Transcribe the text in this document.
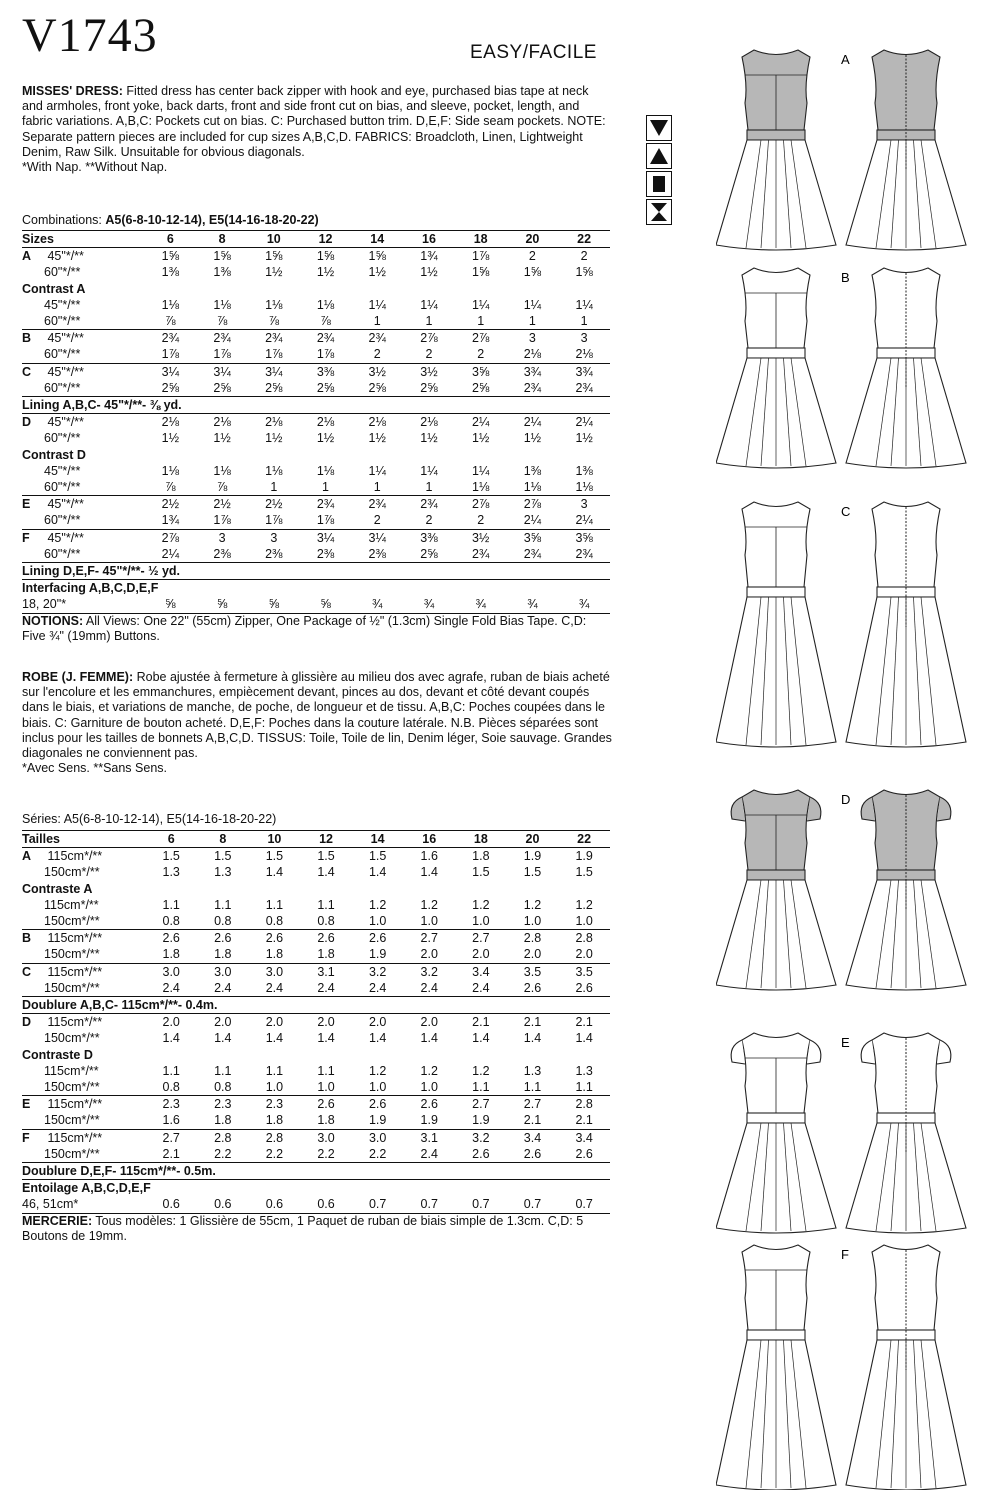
V1743	EASY/FACILE

MISSES' DRESS: Fitted dress has center back zipper with hook and eye, purchased bias tape at neck and armholes, front yoke, back darts, front and side front cut on bias, and sleeve, pocket, length, and fabric variations. A,B,C: Pockets cut on bias. C: Purchased button trim. D,E,F: Side seam pockets. NOTE: Separate pattern pieces are included for cup sizes A,B,C,D. FABRICS: Broadcloth, Linen, Lightweight Denim, Raw Silk. Unsuitable for obvious diagonals.
*With Nap. **Without Nap.

Combinations: A5(6-8-10-12-14), E5(14-16-18-20-22)
Sizes	6	8	10	12	14	16	18	20	22
A 45"*/**	1⅝	1⅝	1⅝	1⅝	1⅝	1¾	1⅞	2	2
60"*/**	1⅜	1⅜	1½	1½	1½	1½	1⅝	1⅝	1⅝
Contrast A									
45"*/**	1⅛	1⅛	1⅛	1⅛	1¼	1¼	1¼	1¼	1¼
60"*/**	⅞	⅞	⅞	⅞	1	1	1	1	1
B 45"*/**	2¾	2¾	2¾	2¾	2¾	2⅞	2⅞	3	3
60"*/**	1⅞	1⅞	1⅞	1⅞	2	2	2	2⅛	2⅛
C 45"*/**	3¼	3¼	3¼	3⅜	3½	3½	3⅝	3¾	3¾
60"*/**	2⅝	2⅝	2⅝	2⅝	2⅝	2⅝	2⅝	2¾	2¾
Lining A,B,C- 45"*/**- ⅜ yd.									
D 45"*/**	2⅛	2⅛	2⅛	2⅛	2⅛	2⅛	2¼	2¼	2¼
60"*/**	1½	1½	1½	1½	1½	1½	1½	1½	1½
Contrast D									
45"*/**	1⅛	1⅛	1⅛	1⅛	1¼	1¼	1¼	1⅜	1⅜
60"*/**	⅞	⅞	1	1	1	1	1⅛	1⅛	1⅛
E 45"*/**	2½	2½	2½	2¾	2¾	2¾	2⅞	2⅞	3
60"*/**	1¾	1⅞	1⅞	1⅞	2	2	2	2¼	2¼
F 45"*/**	2⅞	3	3	3¼	3¼	3⅜	3½	3⅝	3⅝
60"*/**	2¼	2⅜	2⅜	2⅜	2⅜	2⅝	2¾	2¾	2¾
Lining D,E,F- 45"*/**- ½ yd.									
Interfacing A,B,C,D,E,F									
18, 20"*	⅝	⅝	⅝	⅝	¾	¾	¾	¾	¾
NOTIONS: All Views: One 22" (55cm) Zipper, One Package of ½" (1.3cm) Single Fold Bias Tape. C,D: Five ¾" (19mm) Buttons.									

ROBE (J. FEMME): Robe ajustée à fermeture à glissière au milieu dos avec agrafe, ruban de biais acheté sur l'encolure et les emmanchures, empiècement devant, pinces au dos, devant et côté devant coupés dans le biais, et variations de manche, de poche, de longueur et de tissu. A,B,C: Poches coupées dans le biais. C: Garniture de bouton acheté. D,E,F: Poches dans la couture latérale. N.B. Pièces séparées sont inclus pour les tailles de bonnets A,B,C,D. TISSUS: Toile, Toile de lin, Denim léger, Soie sauvage. Grandes diagonales ne conviennent pas.
*Avec Sens. **Sans Sens.

Séries: A5(6-8-10-12-14), E5(14-16-18-20-22)
Tailles	6	8	10	12	14	16	18	20	22
A 115cm*/**	1.5	1.5	1.5	1.5	1.5	1.6	1.8	1.9	1.9
150cm*/**	1.3	1.3	1.4	1.4	1.4	1.4	1.5	1.5	1.5
Contraste A									
115cm*/**	1.1	1.1	1.1	1.1	1.2	1.2	1.2	1.2	1.2
150cm*/**	0.8	0.8	0.8	0.8	1.0	1.0	1.0	1.0	1.0
B 115cm*/**	2.6	2.6	2.6	2.6	2.6	2.7	2.7	2.8	2.8
150cm*/**	1.8	1.8	1.8	1.8	1.9	2.0	2.0	2.0	2.0
C 115cm*/**	3.0	3.0	3.0	3.1	3.2	3.2	3.4	3.5	3.5
150cm*/**	2.4	2.4	2.4	2.4	2.4	2.4	2.4	2.6	2.6
Doublure A,B,C- 115cm*/**- 0.4m.									
D 115cm*/**	2.0	2.0	2.0	2.0	2.0	2.0	2.1	2.1	2.1
150cm*/**	1.4	1.4	1.4	1.4	1.4	1.4	1.4	1.4	1.4
Contraste D									
115cm*/**	1.1	1.1	1.1	1.1	1.2	1.2	1.2	1.3	1.3
150cm*/**	0.8	0.8	1.0	1.0	1.0	1.0	1.1	1.1	1.1
E 115cm*/**	2.3	2.3	2.3	2.6	2.6	2.6	2.7	2.7	2.8
150cm*/**	1.6	1.8	1.8	1.8	1.9	1.9	1.9	2.1	2.1
F 115cm*/**	2.7	2.8	2.8	3.0	3.0	3.1	3.2	3.4	3.4
150cm*/**	2.1	2.2	2.2	2.2	2.2	2.4	2.6	2.6	2.6
Doublure D,E,F- 115cm*/**- 0.5m.									
Entoilage A,B,C,D,E,F									
46, 51cm*	0.6	0.6	0.6	0.6	0.7	0.7	0.7	0.7	0.7
MERCERIE: Tous modèles: 1 Glissière de 55cm, 1 Paquet de ruban de biais simple de 1.3cm. C,D: 5 Boutons de 19mm.									
A
B
C
D
E
F
